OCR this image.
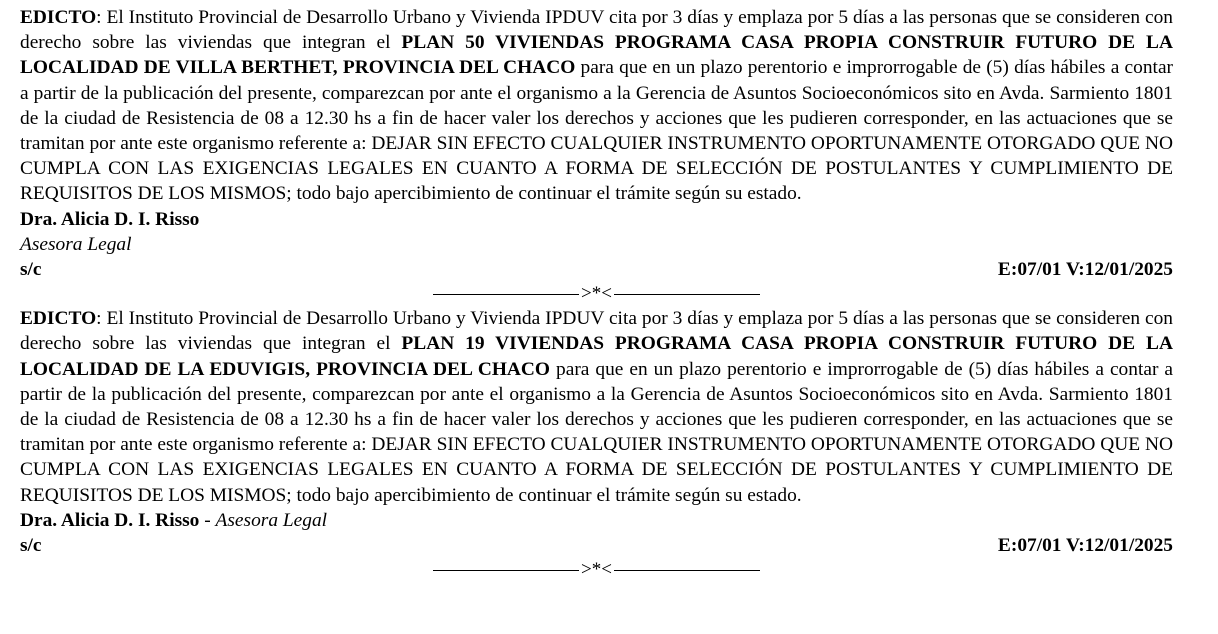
EDICTO: El Instituto Provincial de Desarrollo Urbano y Vivienda IPDUV cita por 3 días y emplaza por 5 días a las personas que se consideren con derecho sobre las viviendas que integran el PLAN 50 VIVIENDAS PROGRAMA CASA PROPIA CONSTRUIR FUTURO DE LA LOCALIDAD DE VILLA BERTHET, PROVINCIA DEL CHACO para que en un plazo perentorio e improrrogable de (5) días hábiles a contar a partir de la publicación del presente, comparezcan por ante el organismo a la Gerencia de Asuntos Socioeconómicos sito en Avda. Sarmiento 1801 de la ciudad de Resistencia de 08 a 12.30 hs a fin de hacer valer los derechos y acciones que les pudieren corresponder, en las actuaciones que se tramitan por ante este organismo referente a: DEJAR SIN EFECTO CUALQUIER INSTRUMENTO OPORTUNAMENTE OTORGADO QUE NO CUMPLA CON LAS EXIGENCIAS LEGALES EN CUANTO A FORMA DE SELECCIÓN DE POSTULANTES Y CUMPLIMIENTO DE REQUISITOS DE LOS MISMOS; todo bajo apercibimiento de continuar el trámite según su estado.

Dra. Alicia D. I. Risso

Asesora Legal

s/c	E:07/01 V:12/01/2025
>*<

EDICTO: El Instituto Provincial de Desarrollo Urbano y Vivienda IPDUV cita por 3 días y emplaza por 5 días a las personas que se consideren con derecho sobre las viviendas que integran el PLAN 19 VIVIENDAS PROGRAMA CASA PROPIA CONSTRUIR FUTURO DE LA LOCALIDAD DE LA EDUVIGIS, PROVINCIA DEL CHACO para que en un plazo perentorio e improrrogable de (5) días hábiles a contar a partir de la publicación del presente, comparezcan por ante el organismo a la Gerencia de Asuntos Socioeconómicos sito en Avda. Sarmiento 1801 de la ciudad de Resistencia de 08 a 12.30 hs a fin de hacer valer los derechos y acciones que les pudieren corresponder, en las actuaciones que se tramitan por ante este organismo referente a: DEJAR SIN EFECTO CUALQUIER INSTRUMENTO OPORTUNAMENTE OTORGADO QUE NO CUMPLA CON LAS EXIGENCIAS LEGALES EN CUANTO A FORMA DE SELECCIÓN DE POSTULANTES Y CUMPLIMIENTO DE REQUISITOS DE LOS MISMOS; todo bajo apercibimiento de continuar el trámite según su estado.

Dra. Alicia D. I. Risso - Asesora Legal

s/c	E:07/01 V:12/01/2025
>*<
